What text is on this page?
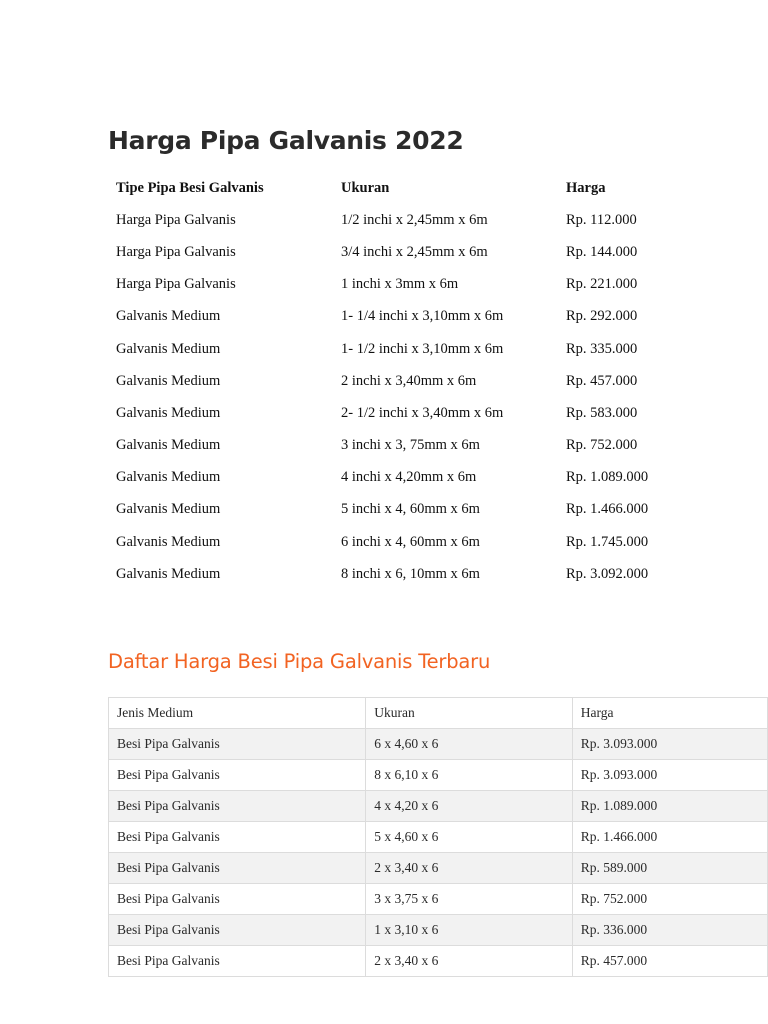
Harga Pipa Galvanis 2022
Tipe Pipa Besi Galvanis	Ukuran	Harga
Harga Pipa Galvanis	1/2 inchi x 2,45mm x 6m	Rp. 112.000
Harga Pipa Galvanis	3/4 inchi x 2,45mm x 6m	Rp. 144.000
Harga Pipa Galvanis	1 inchi x 3mm x 6m	Rp. 221.000
Galvanis Medium	1- 1/4 inchi x 3,10mm x 6m	Rp. 292.000
Galvanis Medium	1- 1/2 inchi x 3,10mm x 6m	Rp. 335.000
Galvanis Medium	2 inchi x 3,40mm x 6m	Rp. 457.000
Galvanis Medium	2- 1/2 inchi x 3,40mm x 6m	Rp. 583.000
Galvanis Medium	3 inchi x 3, 75mm x 6m	Rp. 752.000
Galvanis Medium	4 inchi x 4,20mm x 6m	Rp. 1.089.000
Galvanis Medium	5 inchi x 4, 60mm x 6m	Rp. 1.466.000
Galvanis Medium	6 inchi x 4, 60mm x 6m	Rp. 1.745.000
Galvanis Medium	8 inchi x 6, 10mm x 6m	Rp. 3.092.000
Daftar Harga Besi Pipa Galvanis Terbaru
Jenis Medium	Ukuran	Harga
Besi Pipa Galvanis	6 x 4,60 x 6	Rp. 3.093.000
Besi Pipa Galvanis	8 x 6,10 x 6	Rp. 3.093.000
Besi Pipa Galvanis	4 x 4,20 x 6	Rp. 1.089.000
Besi Pipa Galvanis	5 x 4,60 x 6	Rp. 1.466.000
Besi Pipa Galvanis	2 x 3,40 x 6	Rp. 589.000
Besi Pipa Galvanis	3 x 3,75 x 6	Rp. 752.000
Besi Pipa Galvanis	1 x 3,10 x 6	Rp. 336.000
Besi Pipa Galvanis	2 x 3,40 x 6	Rp. 457.000
